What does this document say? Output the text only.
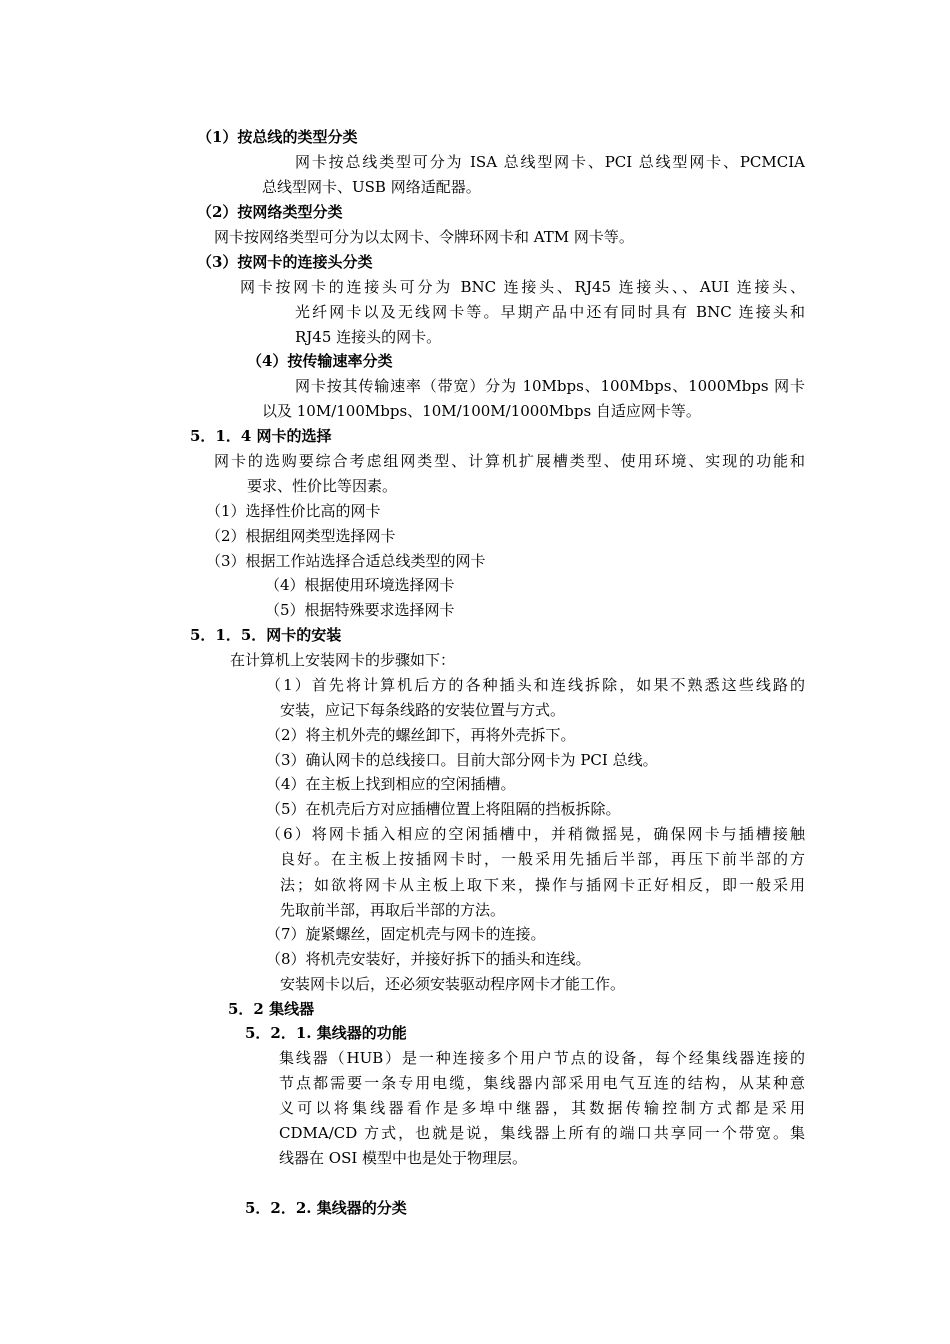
（1）按总线的类型分类
网卡按总线类型可分为 ISA 总线型网卡、PCI 总线型网卡、PCMCIA
总线型网卡、USB 网络适配器。
（2）按网络类型分类
网卡按网络类型可分为以太网卡、令牌环网卡和 ATM 网卡等。
（3）按网卡的连接头分类
网卡按网卡的连接头可分为 BNC 连接头、RJ45 连接头、、AUI 连接头、
光纤网卡以及无线网卡等。早期产品中还有同时具有 BNC 连接头和
RJ45 连接头的网卡。
（4）按传输速率分类
网卡按其传输速率（带宽）分为 10Mbps、100Mbps、1000Mbps 网卡
以及 10M/100Mbps、10M/100M/1000Mbps 自适应网卡等。
5．1．4 网卡的选择
网卡的选购要综合考虑组网类型、计算机扩展槽类型、使用环境、实现的功能和
要求、性价比等因素。
（1）选择性价比高的网卡
（2）根据组网类型选择网卡
（3）根据工作站选择合适总线类型的网卡
（4）根据使用环境选择网卡
（5）根据特殊要求选择网卡
5．1．5．网卡的安装
在计算机上安装网卡的步骤如下：
（1）首先将计算机后方的各种插头和连线拆除，如果不熟悉这些线路的
安装，应记下每条线路的安装位置与方式。
（2）将主机外壳的螺丝卸下，再将外壳拆下。
（3）确认网卡的总线接口。目前大部分网卡为 PCI 总线。
（4）在主板上找到相应的空闲插槽。
（5）在机壳后方对应插槽位置上将阻隔的挡板拆除。
（6）将网卡插入相应的空闲插槽中，并稍微摇晃，确保网卡与插槽接触
良好。在主板上按插网卡时，一般采用先插后半部，再压下前半部的方
法；如欲将网卡从主板上取下来，操作与插网卡正好相反，即一般采用
先取前半部，再取后半部的方法。
（7）旋紧螺丝，固定机壳与网卡的连接。
（8）将机壳安装好，并接好拆下的插头和连线。
安装网卡以后，还必须安装驱动程序网卡才能工作。
5．2 集线器
5．2．1. 集线器的功能
集线器（HUB）是一种连接多个用户节点的设备，每个经集线器连接的
节点都需要一条专用电缆，集线器内部采用电气互连的结构，从某种意
义可以将集线器看作是多埠中继器，其数据传输控制方式都是采用
CDMA/CD 方式，也就是说，集线器上所有的端口共享同一个带宽。集
线器在 OSI 模型中也是处于物理层。
5．2．2. 集线器的分类
